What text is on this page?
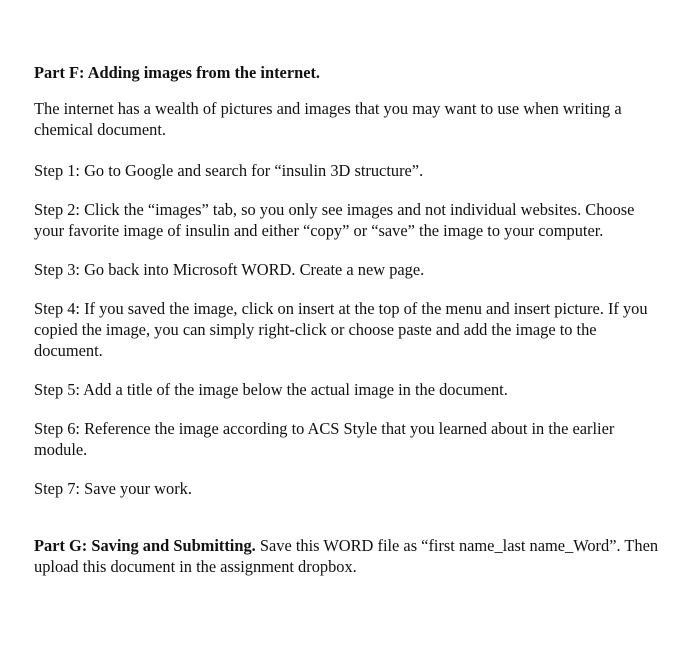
Part F: Adding images from the internet.
The internet has a wealth of pictures and images that you may want to use when writing a chemical document.
Step 1: Go to Google and search for “insulin 3D structure”.
Step 2: Click the “images” tab, so you only see images and not individual websites. Choose your favorite image of insulin and either “copy” or “save” the image to your computer.
Step 3: Go back into Microsoft WORD. Create a new page.
Step 4: If you saved the image, click on insert at the top of the menu and insert picture. If you copied the image, you can simply right-click or choose paste and add the image to the document.
Step 5: Add a title of the image below the actual image in the document.
Step 6: Reference the image according to ACS Style that you learned about in the earlier module.
Step 7: Save your work.
Part G: Saving and Submitting. Save this WORD file as “first name_last name_Word”. Then upload this document in the assignment dropbox.
